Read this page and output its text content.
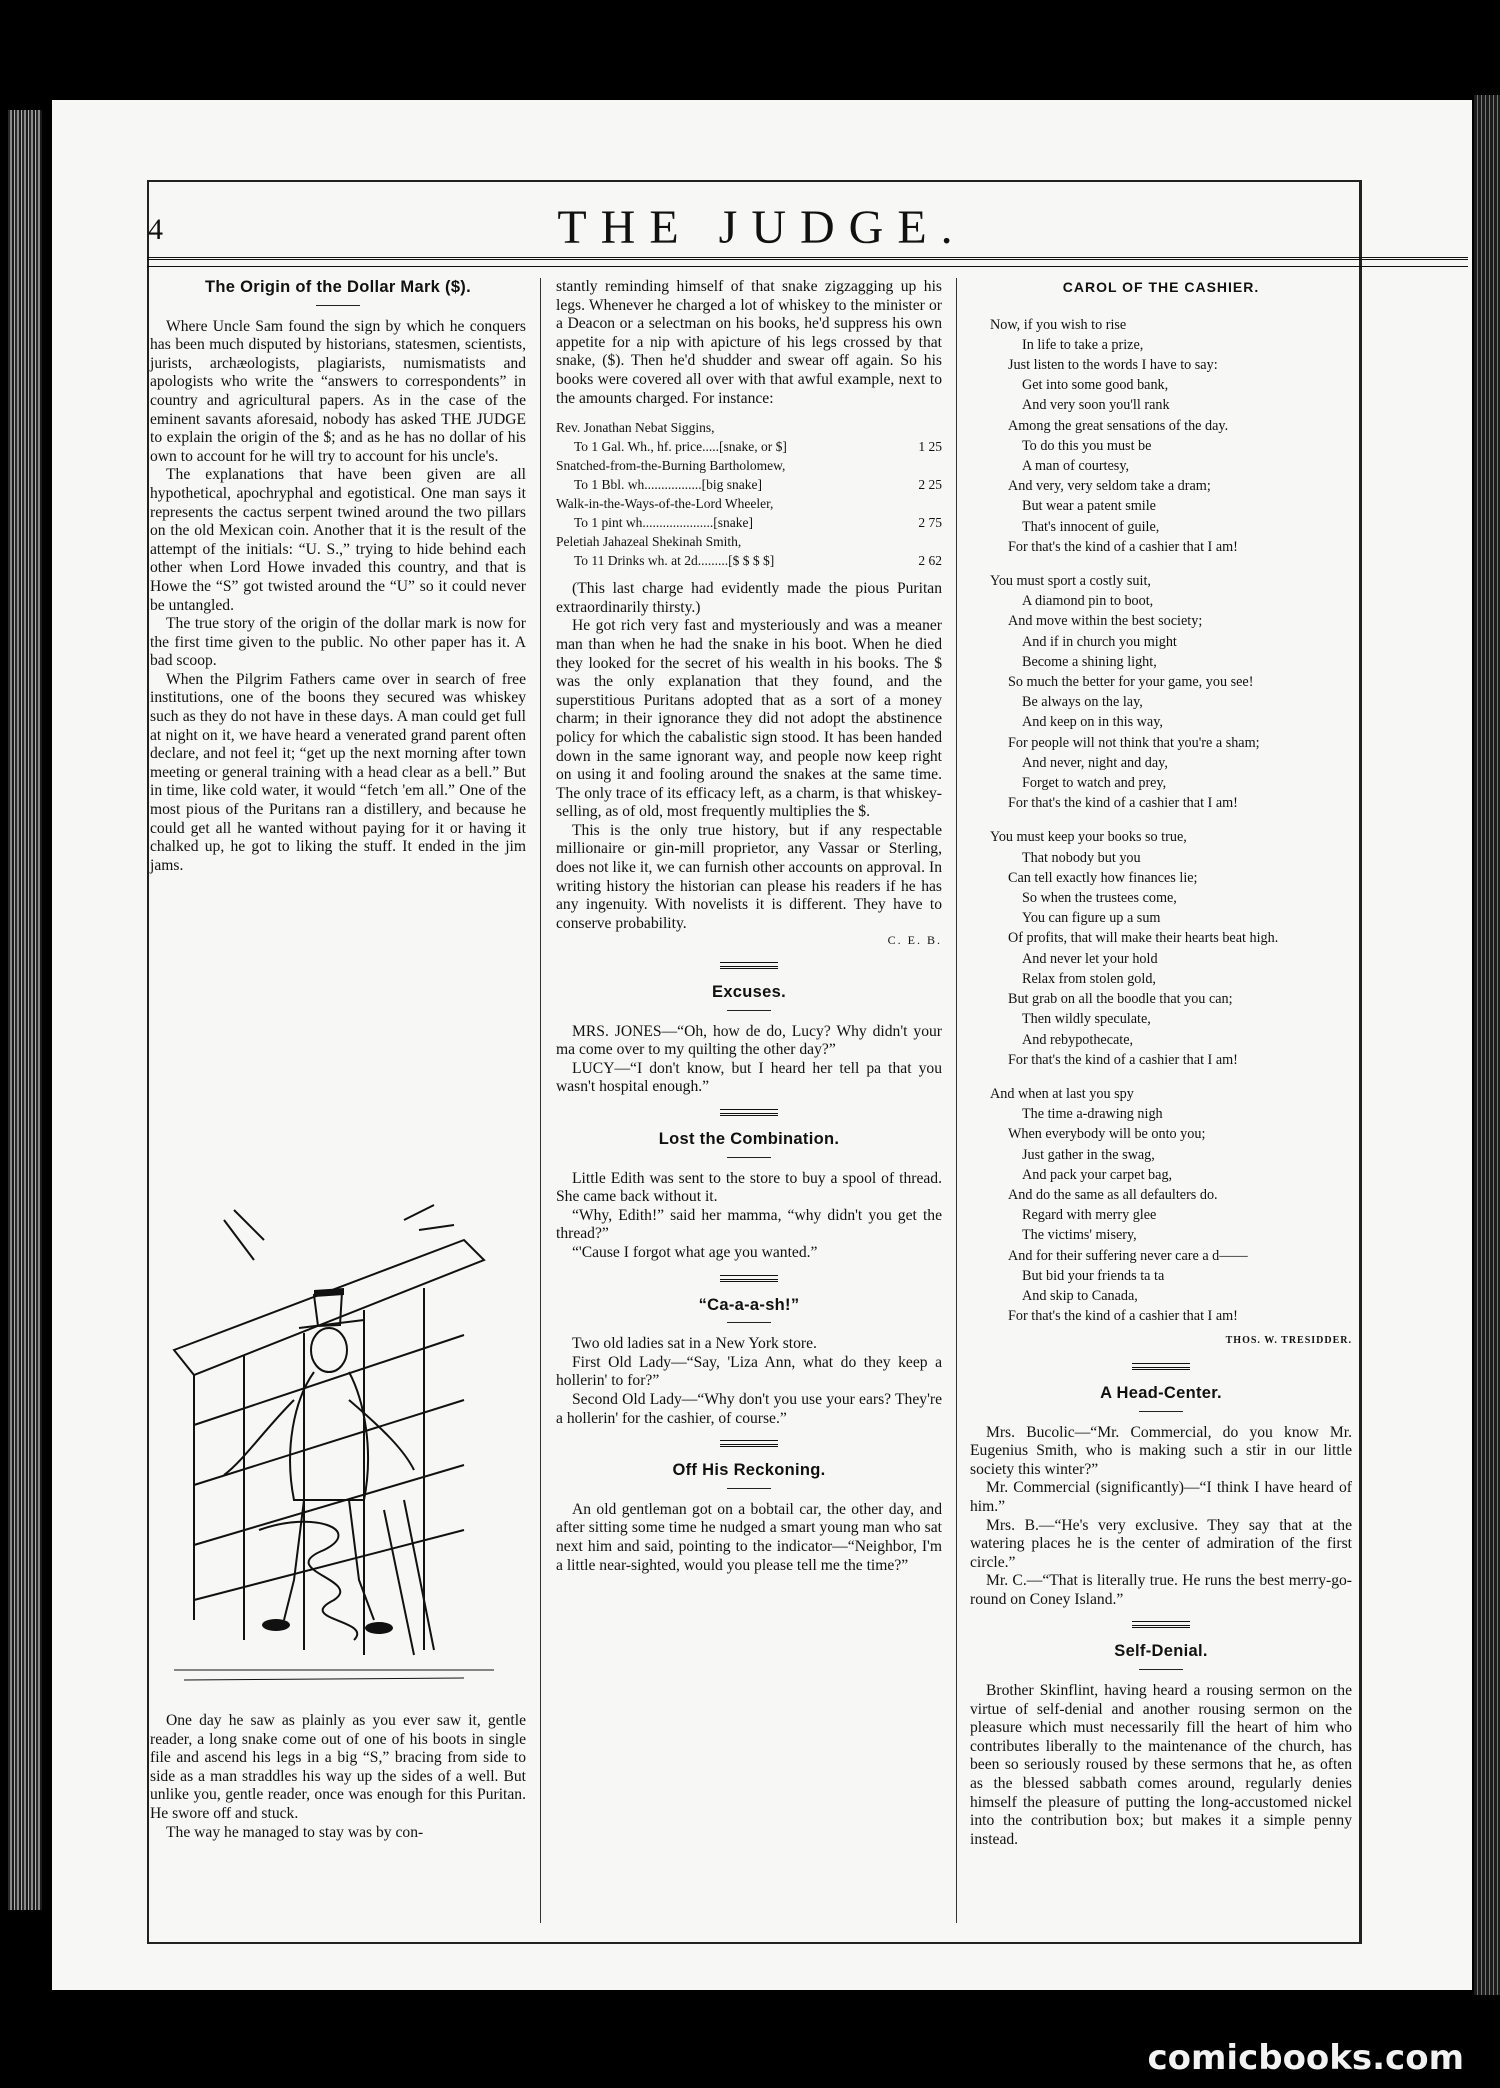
4	THE JUDGE.
The Origin of the Dollar Mark ($).

Where Uncle Sam found the sign by which he conquers has been much disputed by historians, statesmen, scientists, jurists, archæologists, plagiarists, numismatists and apologists who write the “answers to correspondents” in country and agricultural papers. As in the case of the eminent savants aforesaid, nobody has asked THE JUDGE to explain the origin of the $; and as he has no dollar of his own to account for he will try to account for his uncle's.

The explanations that have been given are all hypothetical, apochryphal and egotistical. One man says it represents the cactus serpent twined around the two pillars on the old Mexican coin. Another that it is the result of the attempt of the initials: “U. S.,” trying to hide behind each other when Lord Howe invaded this country, and that is Howe the “S” got twisted around the “U” so it could never be untangled.

The true story of the origin of the dollar mark is now for the first time given to the public. No other paper has it. A bad scoop.

When the Pilgrim Fathers came over in search of free institutions, one of the boons they secured was whiskey such as they do not have in these days. A man could get full at night on it, we have heard a venerated grand parent often declare, and not feel it; “get up the next morning after town meeting or general training with a head clear as a bell.” But in time, like cold water, it would “fetch 'em all.” One of the most pious of the Puritans ran a distillery, and because he could get all he wanted without paying for it or having it chalked up, he got to liking the stuff. It ended in the jim jams.

One day he saw as plainly as you ever saw it, gentle reader, a long snake come out of one of his boots in single file and ascend his legs in a big “S,” bracing from side to side as a man straddles his way up the sides of a well. But unlike you, gentle reader, once was enough for this Puritan. He swore off and stuck.

The way he managed to stay was by con-

stantly reminding himself of that snake zigzagging up his legs. Whenever he charged a lot of whiskey to the minister or a Deacon or a selectman on his books, he'd suppress his own appetite for a nip with apicture of his legs crossed by that snake, ($). Then he'd shudder and swear off again. So his books were covered all over with that awful example, next to the amounts charged. For instance:

Rev. Jonathan Nebat Siggins,
To 1 Gal. Wh., hf. price.....[snake, or $]	1 25
Snatched-from-the-Burning Bartholomew,
To 1 Bbl. wh.................[big snake]	2 25
Walk-in-the-Ways-of-the-Lord Wheeler,
To 1 pint wh.....................[snake]	2 75
Peletiah Jahazeal Shekinah Smith,
To 11 Drinks wh. at 2d.........[$ $ $ $]	2 62

(This last charge had evidently made the pious Puritan extraordinarily thirsty.)

He got rich very fast and mysteriously and was a meaner man than when he had the snake in his boot. When he died they looked for the secret of his wealth in his books. The $ was the only explanation that they found, and the superstitious Puritans adopted that as a sort of a money charm; in their ignorance they did not adopt the abstinence policy for which the cabalistic sign stood. It has been handed down in the same ignorant way, and people now keep right on using it and fooling around the snakes at the same time. The only trace of its efficacy left, as a charm, is that whiskey-selling, as of old, most frequently multiplies the $.

This is the only true history, but if any respectable millionaire or gin-mill proprietor, any Vassar or Sterling, does not like it, we can furnish other accounts on approval. In writing history the historian can please his readers if he has any ingenuity. With novelists it is different. They have to conserve probability.

C. E. B.
Excuses.

MRS. JONES—“Oh, how de do, Lucy? Why didn't your ma come over to my quilting the other day?”

LUCY—“I don't know, but I heard her tell pa that you wasn't hospital enough.”

Lost the Combination.

Little Edith was sent to the store to buy a spool of thread. She came back without it.

“Why, Edith!” said her mamma, “why didn't you get the thread?”

“'Cause I forgot what age you wanted.”

“Ca-a-a-sh!”

Two old ladies sat in a New York store.

First Old Lady—“Say, 'Liza Ann, what do they keep a hollerin' to for?”

Second Old Lady—“Why don't you use your ears? They're a hollerin' for the cashier, of course.”

Off His Reckoning.

An old gentleman got on a bobtail car, the other day, and after sitting some time he nudged a smart young man who sat next him and said, pointing to the indicator—“Neighbor, I'm a little near-sighted, would you please tell me the time?”

CAROL OF THE CASHIER.
Now, if you wish to rise
In life to take a prize,
Just listen to the words I have to say:
Get into some good bank,
And very soon you'll rank
Among the great sensations of the day.
To do this you must be
A man of courtesy,
And very, very seldom take a dram;
But wear a patent smile
That's innocent of guile,
For that's the kind of a cashier that I am!
You must sport a costly suit,
A diamond pin to boot,
And move within the best society;
And if in church you might
Become a shining light,
So much the better for your game, you see!
Be always on the lay,
And keep on in this way,
For people will not think that you're a sham;
And never, night and day,
Forget to watch and prey,
For that's the kind of a cashier that I am!
You must keep your books so true,
That nobody but you
Can tell exactly how finances lie;
So when the trustees come,
You can figure up a sum
Of profits, that will make their hearts beat high.
And never let your hold
Relax from stolen gold,
But grab on all the boodle that you can;
Then wildly speculate,
And rebypothecate,
For that's the kind of a cashier that I am!
And when at last you spy
The time a-drawing nigh
When everybody will be onto you;
Just gather in the swag,
And pack your carpet bag,
And do the same as all defaulters do.
Regard with merry glee
The victims' misery,
And for their suffering never care a d——
But bid your friends ta ta
And skip to Canada,
For that's the kind of a cashier that I am!
THOS. W. TRESIDDER.
A Head-Center.

Mrs. Bucolic—“Mr. Commercial, do you know Mr. Eugenius Smith, who is making such a stir in our little society this winter?”

Mr. Commercial (significantly)—“I think I have heard of him.”

Mrs. B.—“He's very exclusive. They say that at the watering places he is the center of admiration of the first circle.”

Mr. C.—“That is literally true. He runs the best merry-go-round on Coney Island.”

Self-Denial.

Brother Skinflint, having heard a rousing sermon on the virtue of self-denial and another rousing sermon on the pleasure which must necessarily fill the heart of him who contributes liberally to the maintenance of the church, has been so seriously roused by these sermons that he, as often as the blessed sabbath comes around, regularly denies himself the pleasure of putting the long-accustomed nickel into the contribution box; but makes it a simple penny instead.

comicbooks.com
